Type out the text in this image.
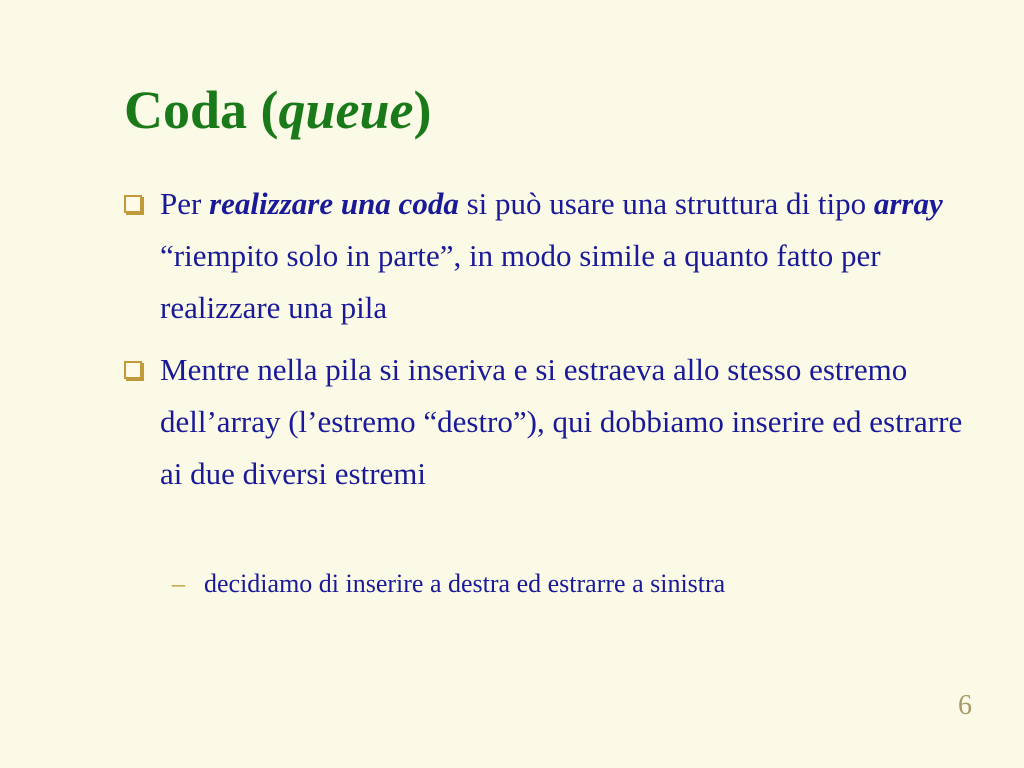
Coda (queue)
Per realizzare una coda si può usare una struttura di tipo array “riempito solo in parte”, in modo simile a quanto fatto per realizzare una pila
Mentre nella pila si inseriva e si estraeva allo stesso estremo dell’array (l’estremo “destro”), qui dobbiamo inserire ed estrarre ai due diversi estremi
– decidiamo di inserire a destra ed estrarre a sinistra
6
